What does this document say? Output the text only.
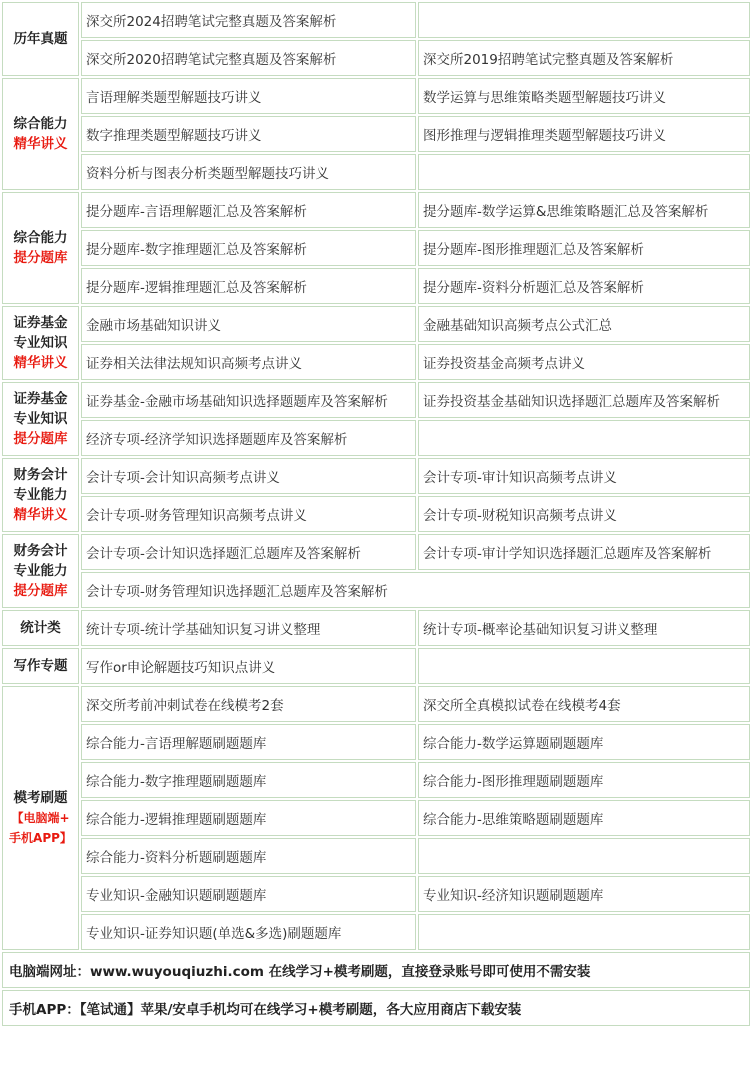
历年真题	深交所2024招聘笔试完整真题及答案解析	
	深交所2020招聘笔试完整真题及答案解析	深交所2019招聘笔试完整真题及答案解析

综合能力
精华讲义	言语理解类题型解题技巧讲义	数学运算与思维策略类题型解题技巧讲义
	数字推理类题型解题技巧讲义	图形推理与逻辑推理类题型解题技巧讲义
	资料分析与图表分析类题型解题技巧讲义	

综合能力
提分题库	提分题库-言语理解题汇总及答案解析	提分题库-数学运算&思维策略题汇总及答案解析
	提分题库-数字推理题汇总及答案解析	提分题库-图形推理题汇总及答案解析
	提分题库-逻辑推理题汇总及答案解析	提分题库-资料分析题汇总及答案解析

证券基金
专业知识
精华讲义	金融市场基础知识讲义	金融基础知识高频考点公式汇总
	证券相关法律法规知识高频考点讲义	证券投资基金高频考点讲义

证券基金
专业知识
提分题库	证券基金-金融市场基础知识选择题题库及答案解析	证券投资基金基础知识选择题汇总题库及答案解析
	经济专项-经济学知识选择题题库及答案解析	

财务会计
专业能力
精华讲义	会计专项-会计知识高频考点讲义	会计专项-审计知识高频考点讲义
	会计专项-财务管理知识高频考点讲义	会计专项-财税知识高频考点讲义

财务会计
专业能力
提分题库	会计专项-会计知识选择题汇总题库及答案解析	会计专项-审计学知识选择题汇总题库及答案解析
	会计专项-财务管理知识选择题汇总题库及答案解析	

统计类	统计专项-统计学基础知识复习讲义整理	统计专项-概率论基础知识复习讲义整理

写作专题	写作or申论解题技巧知识点讲义	

模考刷题
【电脑端+
手机APP】	深交所考前冲刺试卷在线模考2套	深交所全真模拟试卷在线模考4套
	综合能力-言语理解题刷题题库	综合能力-数学运算题刷题题库
	综合能力-数字推理题刷题题库	综合能力-图形推理题刷题题库
	综合能力-逻辑推理题刷题题库	综合能力-思维策略题刷题题库
	综合能力-资料分析题刷题题库	
	专业知识-金融知识题刷题题库	专业知识-经济知识题刷题题库
	专业知识-证券知识题(单选&多选)刷题题库	
电脑端网址：www.wuyouqiuzhi.com 在线学习+模考刷题，直接登录账号即可使用不需安装		
手机APP：【笔试通】苹果/安卓手机均可在线学习+模考刷题，各大应用商店下载安装		
